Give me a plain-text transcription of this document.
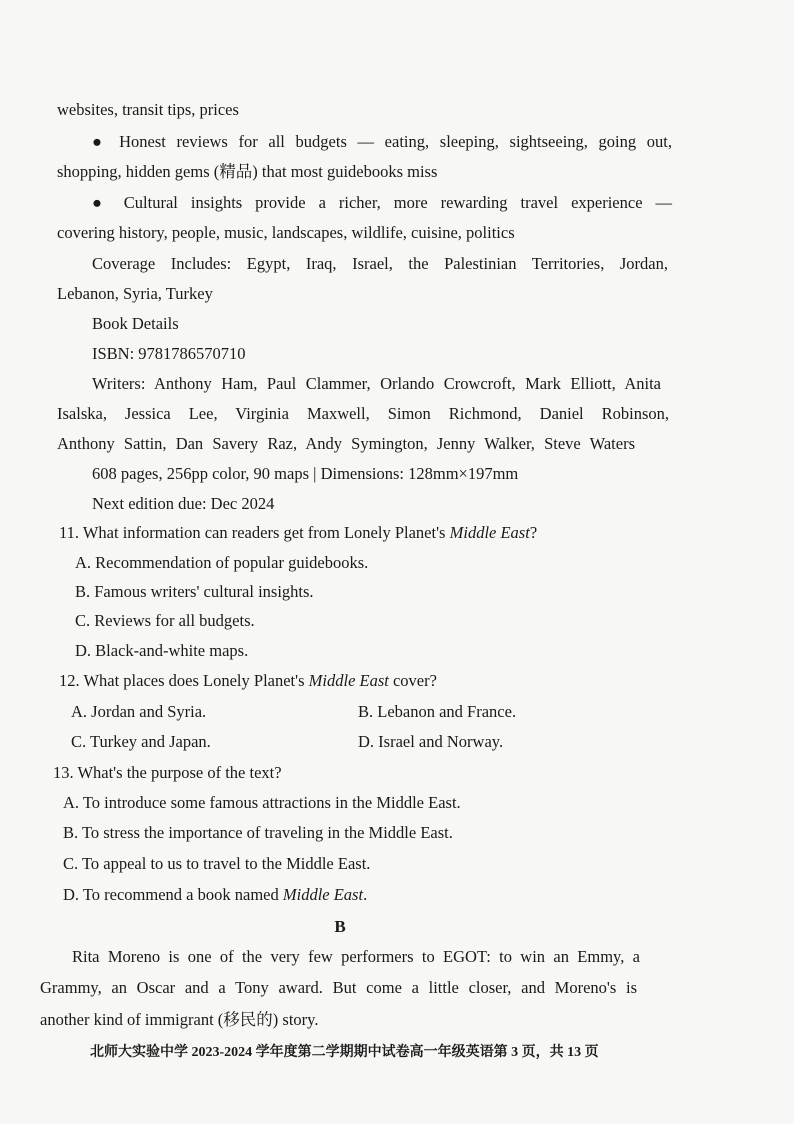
websites, transit tips, prices
● Honest reviews for all budgets — eating, sleeping, sightseeing, going out,
shopping, hidden gems (精品) that most guidebooks miss
● Cultural insights provide a richer, more rewarding travel experience —
covering history, people, music, landscapes, wildlife, cuisine, politics
Coverage Includes: Egypt, Iraq, Israel, the Palestinian Territories, Jordan,
Lebanon, Syria, Turkey
Book Details
ISBN: 9781786570710
Writers: Anthony Ham, Paul Clammer, Orlando Crowcroft, Mark Elliott, Anita
Isalska, Jessica Lee, Virginia Maxwell, Simon Richmond, Daniel Robinson,
Anthony Sattin, Dan Savery Raz, Andy Symington, Jenny Walker, Steve Waters
608 pages, 256pp color, 90 maps | Dimensions: 128mm×197mm
Next edition due: Dec 2024
11. What information can readers get from Lonely Planet's Middle East?
A. Recommendation of popular guidebooks.
B. Famous writers' cultural insights.
C. Reviews for all budgets.
D. Black-and-white maps.
12. What places does Lonely Planet's Middle East cover?
A. Jordan and Syria.	B. Lebanon and France.
C. Turkey and Japan.	D. Israel and Norway.
13. What's the purpose of the text?
A. To introduce some famous attractions in the Middle East.
B. To stress the importance of traveling in the Middle East.
C. To appeal to us to travel to the Middle East.
D. To recommend a book named Middle East.
B
Rita Moreno is one of the very few performers to EGOT: to win an Emmy, a
Grammy, an Oscar and a Tony award. But come a little closer, and Moreno's is
another kind of immigrant (移民的) story.
北师大实验中学 2023-2024 学年度第二学期期中试卷高一年级英语第 3 页，共 13 页
